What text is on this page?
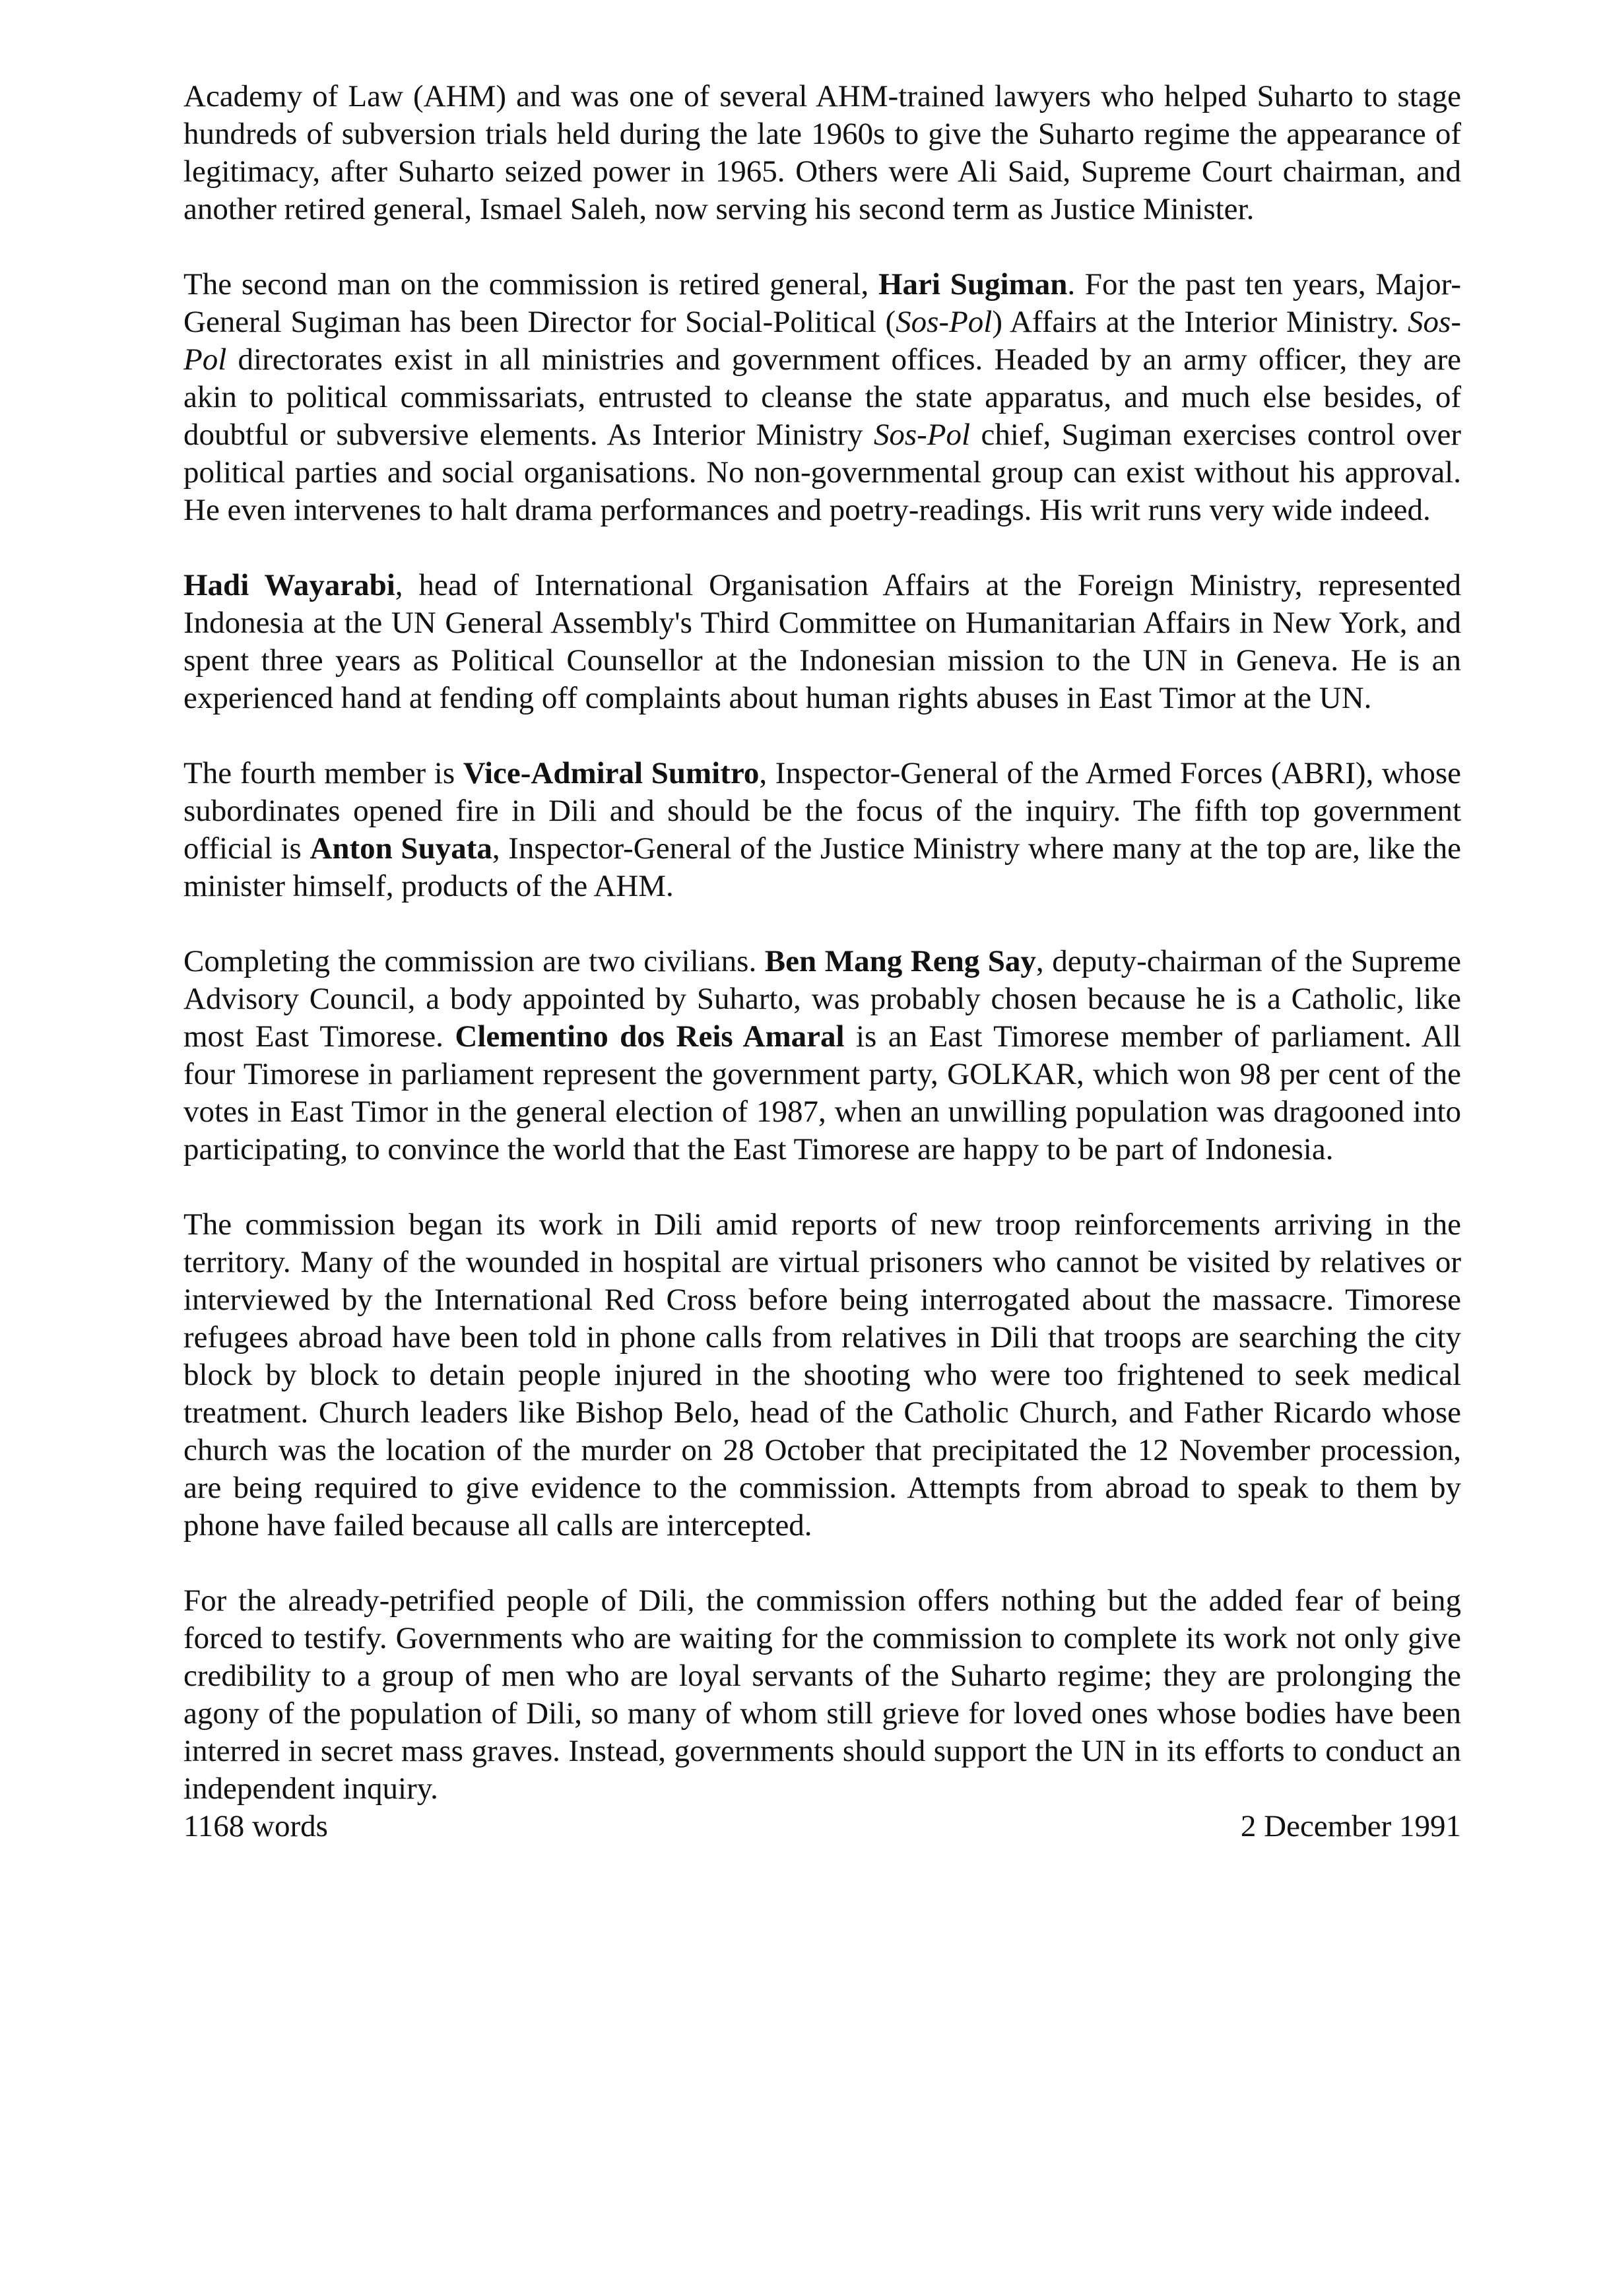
Academy of Law (AHM) and was one of several AHM-trained lawyers who helped Suharto to stage hundreds of subversion trials held during the late 1960s to give the Suharto regime the appearance of legitimacy, after Suharto seized power in 1965. Others were Ali Said, Supreme Court chairman, and another retired general, Ismael Saleh, now serving his second term as Justice Minister.

The second man on the commission is retired general, Hari Sugiman. For the past ten years, Major-General Sugiman has been Director for Social-Political (Sos-Pol) Affairs at the Interior Ministry. Sos-Pol directorates exist in all ministries and government offices. Headed by an army officer, they are akin to political commissariats, entrusted to cleanse the state apparatus, and much else besides, of doubtful or subversive elements. As Interior Ministry Sos-Pol chief, Sugiman exercises control over political parties and social organisations. No non-governmental group can exist without his approval. He even intervenes to halt drama performances and poetry-readings. His writ runs very wide indeed.

Hadi Wayarabi, head of International Organisation Affairs at the Foreign Ministry, represented Indonesia at the UN General Assembly's Third Committee on Humanitarian Affairs in New York, and spent three years as Political Counsellor at the Indonesian mission to the UN in Geneva. He is an experienced hand at fending off complaints about human rights abuses in East Timor at the UN.

The fourth member is Vice-Admiral Sumitro, Inspector-General of the Armed Forces (ABRI), whose subordinates opened fire in Dili and should be the focus of the inquiry. The fifth top government official is Anton Suyata, Inspector-General of the Justice Ministry where many at the top are, like the minister himself, products of the AHM.

Completing the commission are two civilians. Ben Mang Reng Say, deputy-chairman of the Supreme Advisory Council, a body appointed by Suharto, was probably chosen because he is a Catholic, like most East Timorese. Clementino dos Reis Amaral is an East Timorese member of parliament. All four Timorese in parliament represent the government party, GOLKAR, which won 98 per cent of the votes in East Timor in the general election of 1987, when an unwilling population was dragooned into participating, to convince the world that the East Timorese are happy to be part of Indonesia.

The commission began its work in Dili amid reports of new troop reinforcements arriving in the territory. Many of the wounded in hospital are virtual prisoners who cannot be visited by relatives or interviewed by the International Red Cross before being interrogated about the massacre. Timorese refugees abroad have been told in phone calls from relatives in Dili that troops are searching the city block by block to detain people injured in the shooting who were too frightened to seek medical treatment. Church leaders like Bishop Belo, head of the Catholic Church, and Father Ricardo whose church was the location of the murder on 28 October that precipitated the 12 November procession, are being required to give evidence to the commission. Attempts from abroad to speak to them by phone have failed because all calls are intercepted.

For the already-petrified people of Dili, the commission offers nothing but the added fear of being forced to testify. Governments who are waiting for the commission to complete its work not only give credibility to a group of men who are loyal servants of the Suharto regime; they are prolonging the agony of the population of Dili, so many of whom still grieve for loved ones whose bodies have been interred in secret mass graves. Instead, governments should support the UN in its efforts to conduct an independent inquiry.

1168 words	2 December 1991
